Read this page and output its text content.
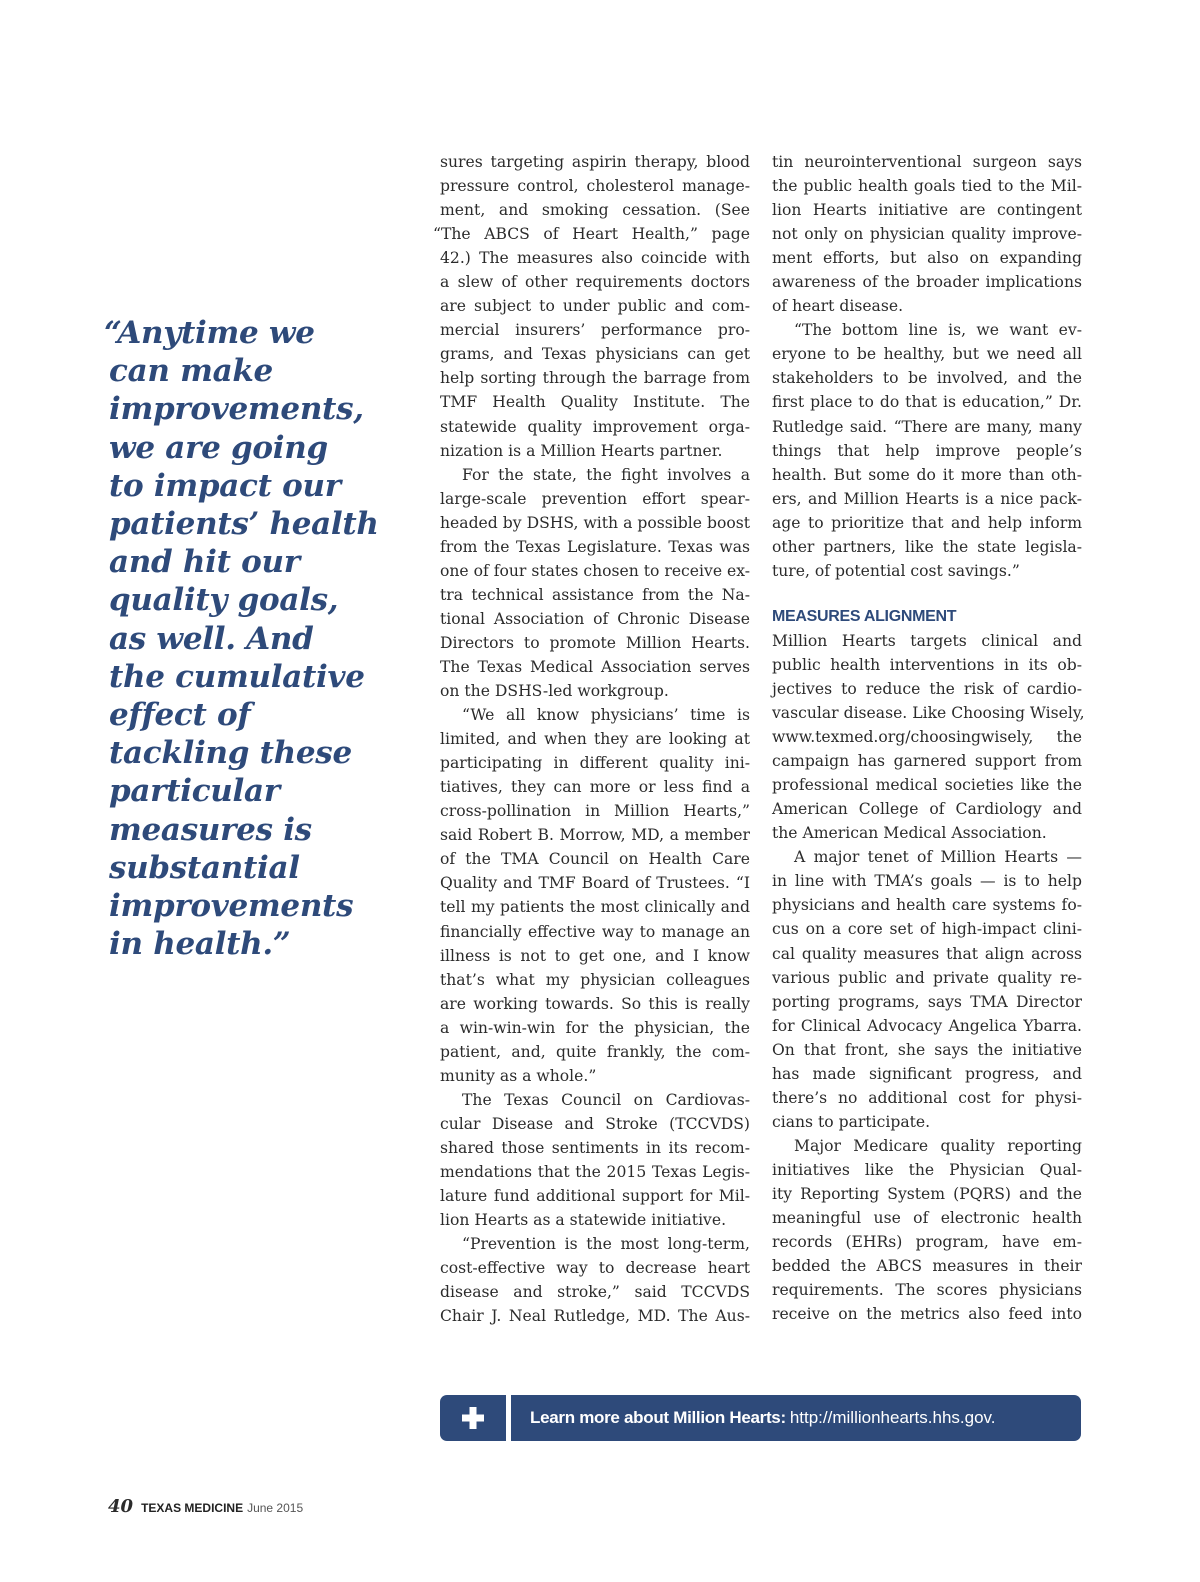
“Anytime we
can make
improvements,
we are going
to impact our
patients’ health
and hit our
quality goals,
as well. And
the cumulative
effect of
tackling these
particular
measures is
substantial
improvements
in health.”
sures targeting aspirin therapy, blood
pressure control, cholesterol manage-
ment, and smoking cessation. (See
“The ABCS of Heart Health,” page
42.) The measures also coincide with
a slew of other requirements doctors
are subject to under public and com-
mercial insurers’ performance pro-
grams, and Texas physicians can get
help sorting through the barrage from
TMF Health Quality Institute. The
statewide quality improvement orga-
nization is a Million Hearts partner.
For the state, the fight involves a
large-scale prevention effort spear-
headed by DSHS, with a possible boost
from the Texas Legislature. Texas was
one of four states chosen to receive ex-
tra technical assistance from the Na-
tional Association of Chronic Disease
Directors to promote Million Hearts.
The Texas Medical Association serves
on the DSHS-led workgroup.
“We all know physicians’ time is
limited, and when they are looking at
participating in different quality ini-
tiatives, they can more or less find a
cross-pollination in Million Hearts,”
said Robert B. Morrow, MD, a member
of the TMA Council on Health Care
Quality and TMF Board of Trustees. “I
tell my patients the most clinically and
financially effective way to manage an
illness is not to get one, and I know
that’s what my physician colleagues
are working towards. So this is really
a win-win-win for the physician, the
patient, and, quite frankly, the com-
munity as a whole.”
The Texas Council on Cardiovas-
cular Disease and Stroke (TCCVDS)
shared those sentiments in its recom-
mendations that the 2015 Texas Legis-
lature fund additional support for Mil-
lion Hearts as a statewide initiative.
“Prevention is the most long-term,
cost-effective way to decrease heart
disease and stroke,” said TCCVDS
Chair J. Neal Rutledge, MD. The Aus-
tin neurointerventional surgeon says
the public health goals tied to the Mil-
lion Hearts initiative are contingent
not only on physician quality improve-
ment efforts, but also on expanding
awareness of the broader implications
of heart disease.
“The bottom line is, we want ev-
eryone to be healthy, but we need all
stakeholders to be involved, and the
first place to do that is education,” Dr.
Rutledge said. “There are many, many
things that help improve people’s
health. But some do it more than oth-
ers, and Million Hearts is a nice pack-
age to prioritize that and help inform
other partners, like the state legisla-
ture, of potential cost savings.”
MEASURES ALIGNMENT
Million Hearts targets clinical and
public health interventions in its ob-
jectives to reduce the risk of cardio-
vascular disease. Like Choosing Wisely,
www.texmed.org/choosingwisely, the
campaign has garnered support from
professional medical societies like the
American College of Cardiology and
the American Medical Association.
A major tenet of Million Hearts —
in line with TMA’s goals — is to help
physicians and health care systems fo-
cus on a core set of high-impact clini-
cal quality measures that align across
various public and private quality re-
porting programs, says TMA Director
for Clinical Advocacy Angelica Ybarra.
On that front, she says the initiative
has made significant progress, and
there’s no additional cost for physi-
cians to participate.
Major Medicare quality reporting
initiatives like the Physician Qual-
ity Reporting System (PQRS) and the
meaningful use of electronic health
records (EHRs) program, have em-
bedded the ABCS measures in their
requirements. The scores physicians
receive on the metrics also feed into
Learn more about Million Hearts: http://millionhearts.hhs.gov.
40 TEXAS MEDICINE June 2015
